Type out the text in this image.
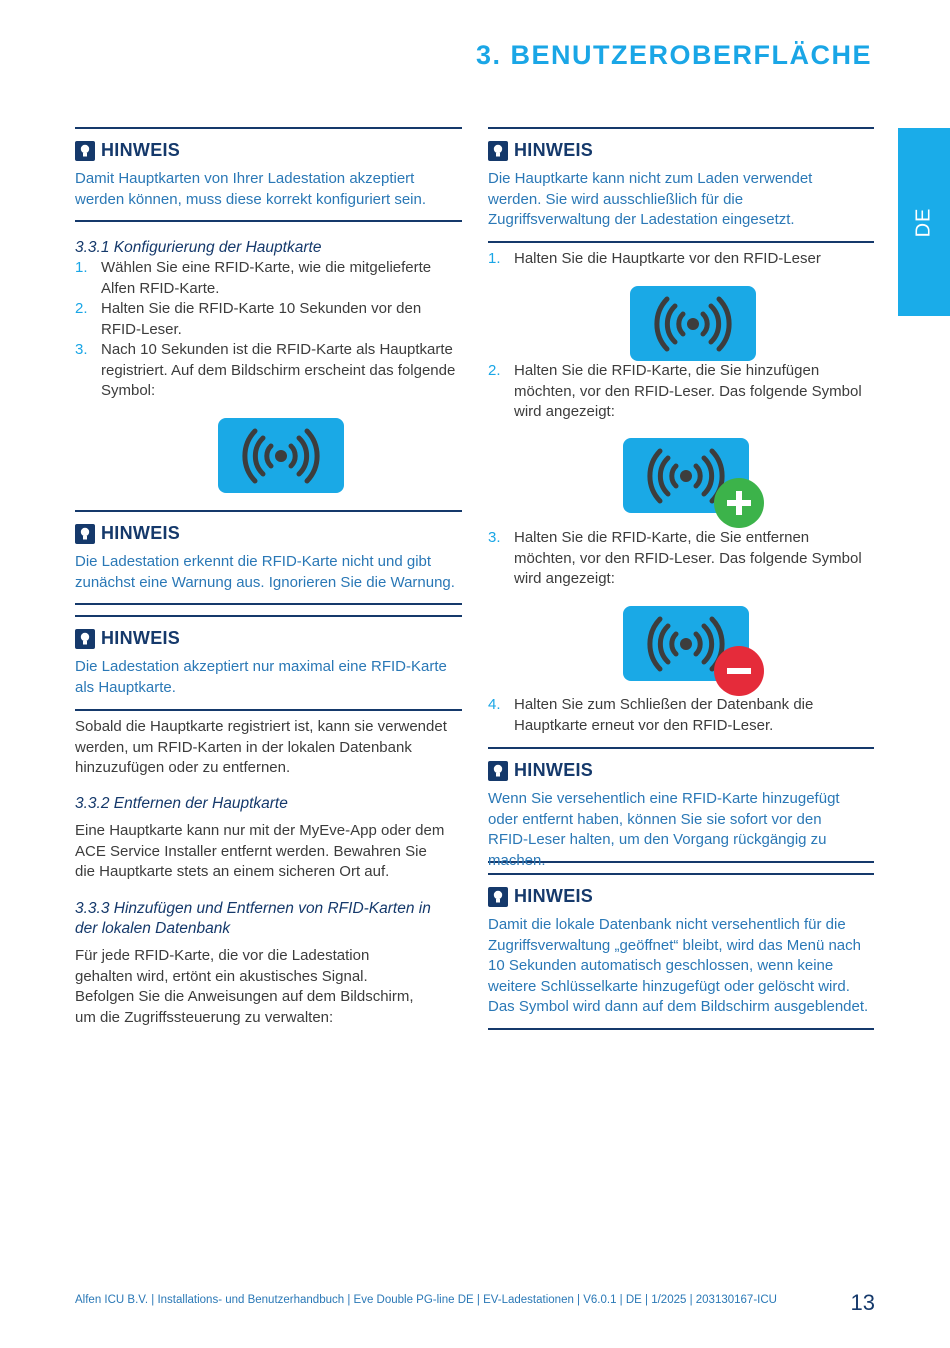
3. BENUTZEROBERFLÄCHE
DE
HINWEIS
Damit Hauptkarten von Ihrer Ladestation akzeptiert werden können, muss diese korrekt konfiguriert sein.
3.3.1 Konfigurierung der Hauptkarte
1. Wählen Sie eine RFID-Karte, wie die mitgelieferte Alfen RFID-Karte.
2. Halten Sie die RFID-Karte 10 Sekunden vor den RFID-Leser.
3. Nach 10 Sekunden ist die RFID-Karte als Hauptkarte registriert. Auf dem Bildschirm erscheint das folgende Symbol:
HINWEIS
Die Ladestation erkennt die RFID-Karte nicht und gibt zunächst eine Warnung aus. Ignorieren Sie die Warnung.
HINWEIS
Die Ladestation akzeptiert nur maximal eine RFID-Karte als Hauptkarte.
Sobald die Hauptkarte registriert ist, kann sie verwendet werden, um RFID-Karten in der lokalen Datenbank hinzuzufügen oder zu entfernen.
3.3.2 Entfernen der Hauptkarte
Eine Hauptkarte kann nur mit der MyEve-App oder dem ACE Service Installer entfernt werden. Bewahren Sie die Hauptkarte stets an einem sicheren Ort auf.
3.3.3 Hinzufügen und Entfernen von RFID-Karten in der lokalen Datenbank
Für jede RFID-Karte, die vor die Ladestation gehalten wird, ertönt ein akustisches Signal. Befolgen Sie die Anweisungen auf dem Bildschirm, um die Zugriffssteuerung zu verwalten:
HINWEIS
Die Hauptkarte kann nicht zum Laden verwendet werden. Sie wird ausschließlich für die Zugriffsverwaltung der Ladestation eingesetzt.
1. Halten Sie die Hauptkarte vor den RFID-Leser
2. Halten Sie die RFID-Karte, die Sie hinzufügen möchten, vor den RFID-Leser. Das folgende Symbol wird angezeigt:
3. Halten Sie die RFID-Karte, die Sie entfernen möchten, vor den RFID-Leser. Das folgende Symbol wird angezeigt:
4. Halten Sie zum Schließen der Datenbank die Hauptkarte erneut vor den RFID-Leser.
HINWEIS
Wenn Sie versehentlich eine RFID-Karte hinzugefügt oder entfernt haben, können Sie sie sofort vor den RFID-Leser halten, um den Vorgang rückgängig zu machen.
HINWEIS
Damit die lokale Datenbank nicht versehentlich für die Zugriffsverwaltung „geöffnet“ bleibt, wird das Menü nach 10 Sekunden automatisch geschlossen, wenn keine weitere Schlüsselkarte hinzugefügt oder gelöscht wird. Das Symbol wird dann auf dem Bildschirm ausgeblendet.
Alfen ICU B.V. | Installations- und Benutzerhandbuch | Eve Double PG-line DE | EV-Ladestationen | V6.0.1 | DE | 1/2025 | 203130167-ICU	13
